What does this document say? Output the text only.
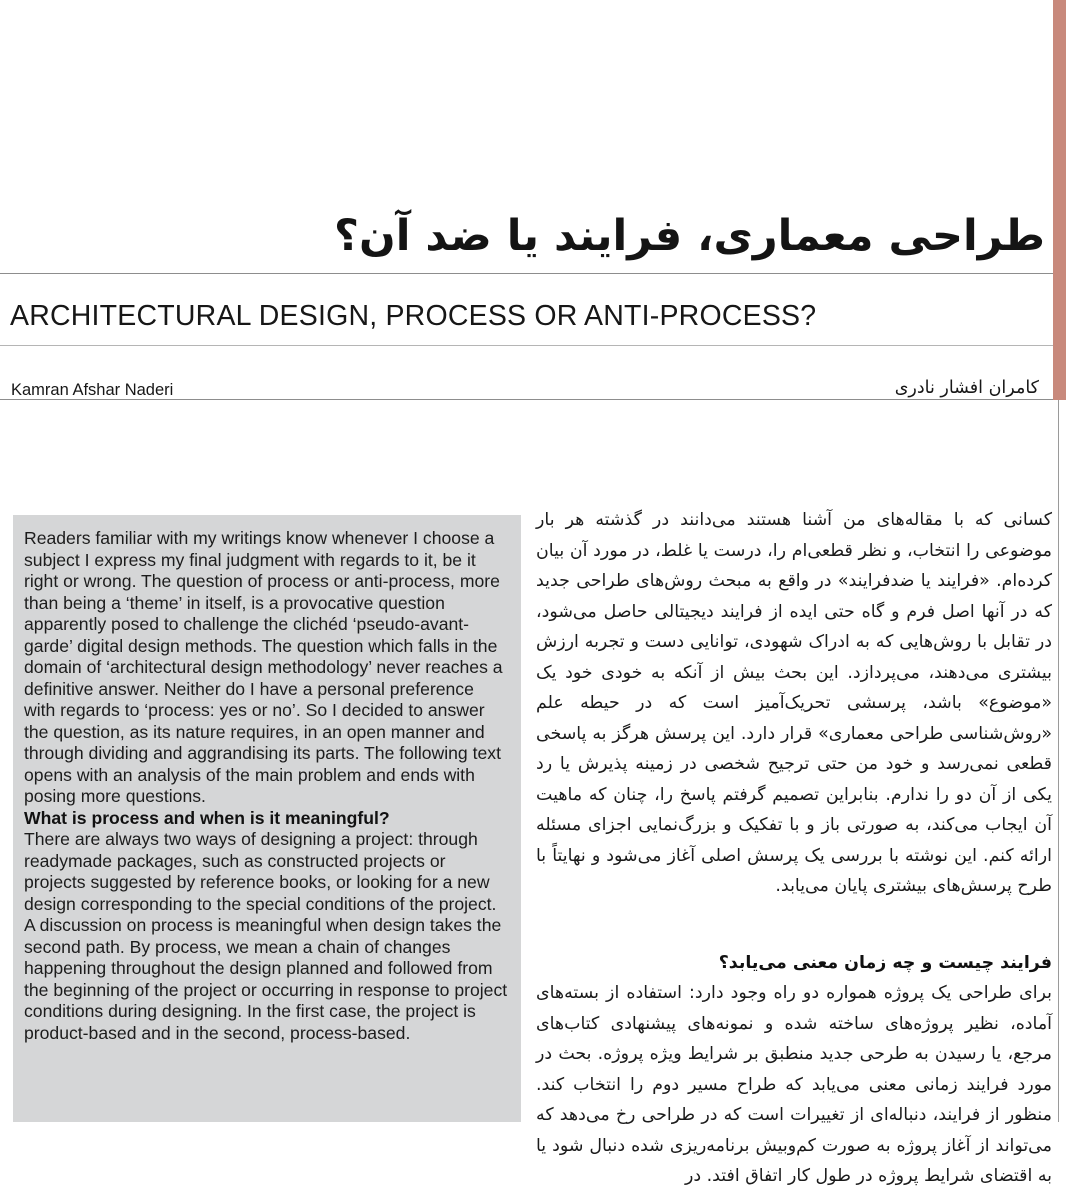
طراحی معماری، فرایند یا ضد آن؟
ARCHITECTURAL DESIGN, PROCESS OR ANTI-PROCESS?
Kamran Afshar Naderi	کامران افشار نادری

Readers familiar with my writings know whenever I choose a subject I express my final judgment with regards to it, be it right or wrong. The question of process or anti-process, more than being a ‘theme’ in itself, is a provocative question apparently posed to challenge the clichéd ‘pseudo-avant-garde’ digital design methods. The question which falls in the domain of ‘architectural design methodology’ never reaches a definitive answer. Neither do I have a personal preference with regards to ‘process: yes or no’. So I decided to answer the question, as its nature requires, in an open manner and through dividing and aggrandising its parts. The following text opens with an analysis of the main problem and ends with posing more questions.

What is process and when is it meaningful?

There are always two ways of designing a project: through readymade packages, such as constructed projects or projects suggested by reference books, or looking for a new design corresponding to the special conditions of the project. A discussion on process is meaningful when design takes the second path. By process, we mean a chain of changes happening throughout the design planned and followed from the beginning of the project or occurring in response to project conditions during designing. In the first case, the project is product-based and in the second, process-based.

کسانی که با مقاله‌های من آشنا هستند می‌دانند در گذشته هر بار موضوعی را انتخاب، و نظر قطعی‌ام را، درست یا غلط، در مورد آن بیان کرده‌ام. «فرایند یا ضدفرایند» در واقع به مبحث روش‌های طراحی جدید که در آنها اصل فرم و گاه حتی ایده از فرایند دیجیتالی حاصل می‌شود، در تقابل با روش‌هایی که به ادراک شهودی، توانایی دست و تجربه ارزش بیشتری می‌دهند، می‌پردازد. این بحث بیش از آنکه به خودی خود یک «موضوع» باشد، پرسشی تحریک‌آمیز است که در حیطه علم «روش‌شناسی طراحی معماری» قرار دارد. این پرسش هرگز به پاسخی قطعی نمی‌رسد و خود من حتی ترجیح شخصی در زمینه پذیرش یا رد یکی از آن دو را ندارم. بنابراین تصمیم گرفتم پاسخ را، چنان که ماهیت آن ایجاب می‌کند، به صورتی باز و با تفکیک و بزرگ‌نمایی اجزای مسئله ارائه کنم. این نوشته با بررسی یک پرسش اصلی آغاز می‌شود و نهایتاً با طرح پرسش‌های بیشتری پایان می‌یابد.

فرایند چیست و چه زمان معنی می‌یابد؟

برای طراحی یک پروژه همواره دو راه وجود دارد: استفاده از بسته‌های آماده، نظیر پروژه‌های ساخته شده و نمونه‌های پیشنهادی کتاب‌های مرجع، یا رسیدن به طرحی جدید منطبق بر شرایط ویژه پروژه. بحث در مورد فرایند زمانی معنی می‌یابد که طراح مسیر دوم را انتخاب کند. منظور از فرایند، دنباله‌ای از تغییرات است که در طراحی رخ می‌دهد که می‌تواند از آغاز پروژه به صورت کم‌وبیش برنامه‌ریزی شده دنبال شود یا به اقتضای شرایط پروژه در طول کار اتفاق افتد. در
